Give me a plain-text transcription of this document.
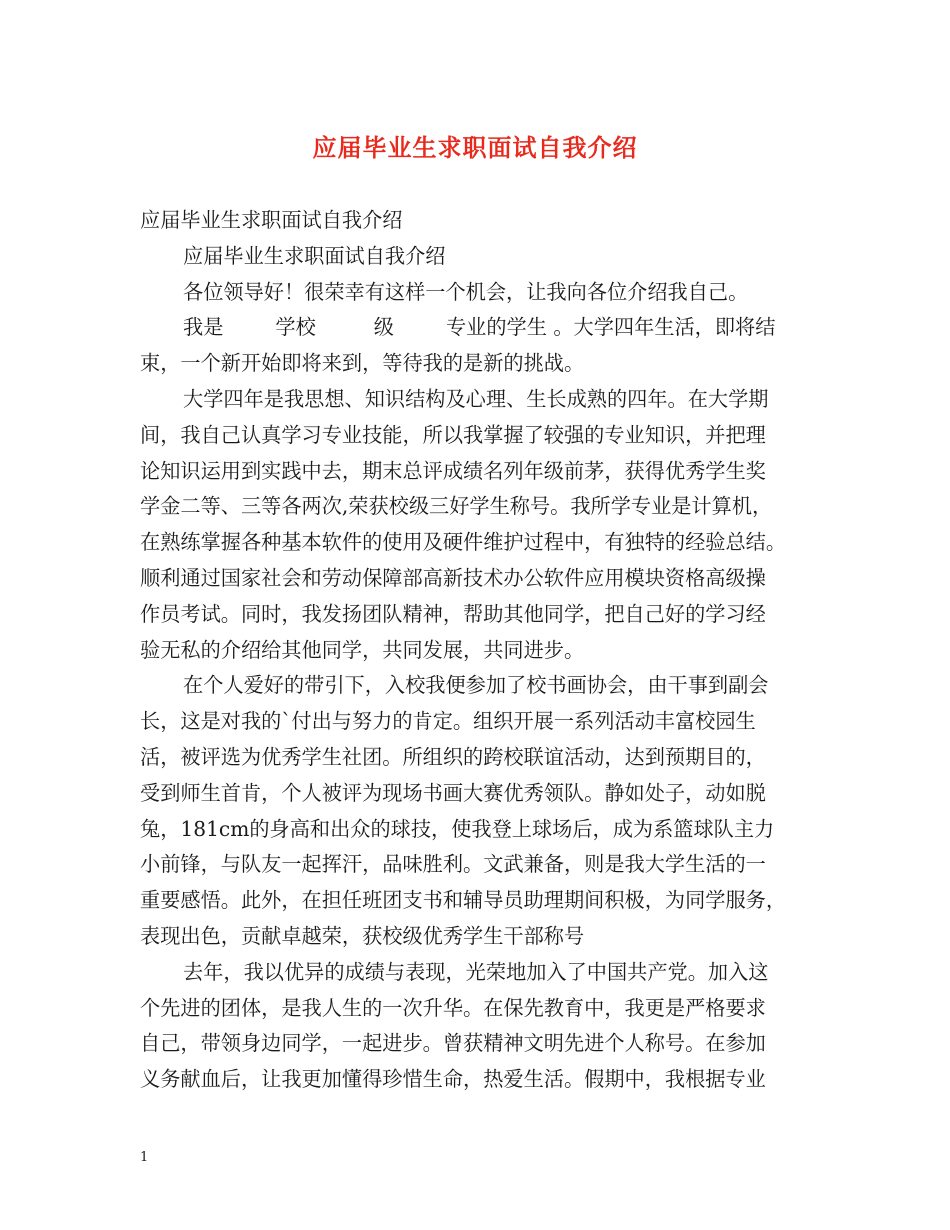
应届毕业生求职面试自我介绍
应届毕业生求职面试自我介绍
应届毕业生求职面试自我介绍
各位领导好！很荣幸有这样一个机会，让我向各位介绍我自己。
我是	学校	级	专业的学生 。大学四年生活，即将结
束，一个新开始即将来到，等待我的是新的挑战。
大学四年是我思想、知识结构及心理、生长成熟的四年。在大学期
间，我自己认真学习专业技能，所以我掌握了较强的专业知识，并把理
论知识运用到实践中去，期末总评成绩名列年级前茅，获得优秀学生奖
学金二等、三等各两次,荣获校级三好学生称号。我所学专业是计算机，
在熟练掌握各种基本软件的使用及硬件维护过程中，有独特的经验总结。
顺利通过国家社会和劳动保障部高新技术办公软件应用模块资格高级操
作员考试。同时，我发扬团队精神，帮助其他同学，把自己好的学习经
验无私的介绍给其他同学，共同发展，共同进步。
在个人爱好的带引下，入校我便参加了校书画协会，由干事到副会
长，这是对我的`付出与努力的肯定。组织开展一系列活动丰富校园生
活，被评选为优秀学生社团。所组织的跨校联谊活动，达到预期目的，
受到师生首肯，个人被评为现场书画大赛优秀领队。静如处子，动如脱
兔，181cm的身高和出众的球技，使我登上球场后，成为系篮球队主力
小前锋，与队友一起挥汗，品味胜利。文武兼备，则是我大学生活的一
重要感悟。此外，在担任班团支书和辅导员助理期间积极，为同学服务，
表现出色，贡献卓越荣，获校级优秀学生干部称号
去年，我以优异的成绩与表现，光荣地加入了中国共产党。加入这
个先进的团体，是我人生的一次升华。在保先教育中，我更是严格要求
自己，带领身边同学，一起进步。曾获精神文明先进个人称号。在参加
义务献血后，让我更加懂得珍惜生命，热爱生活。假期中，我根据专业
1
